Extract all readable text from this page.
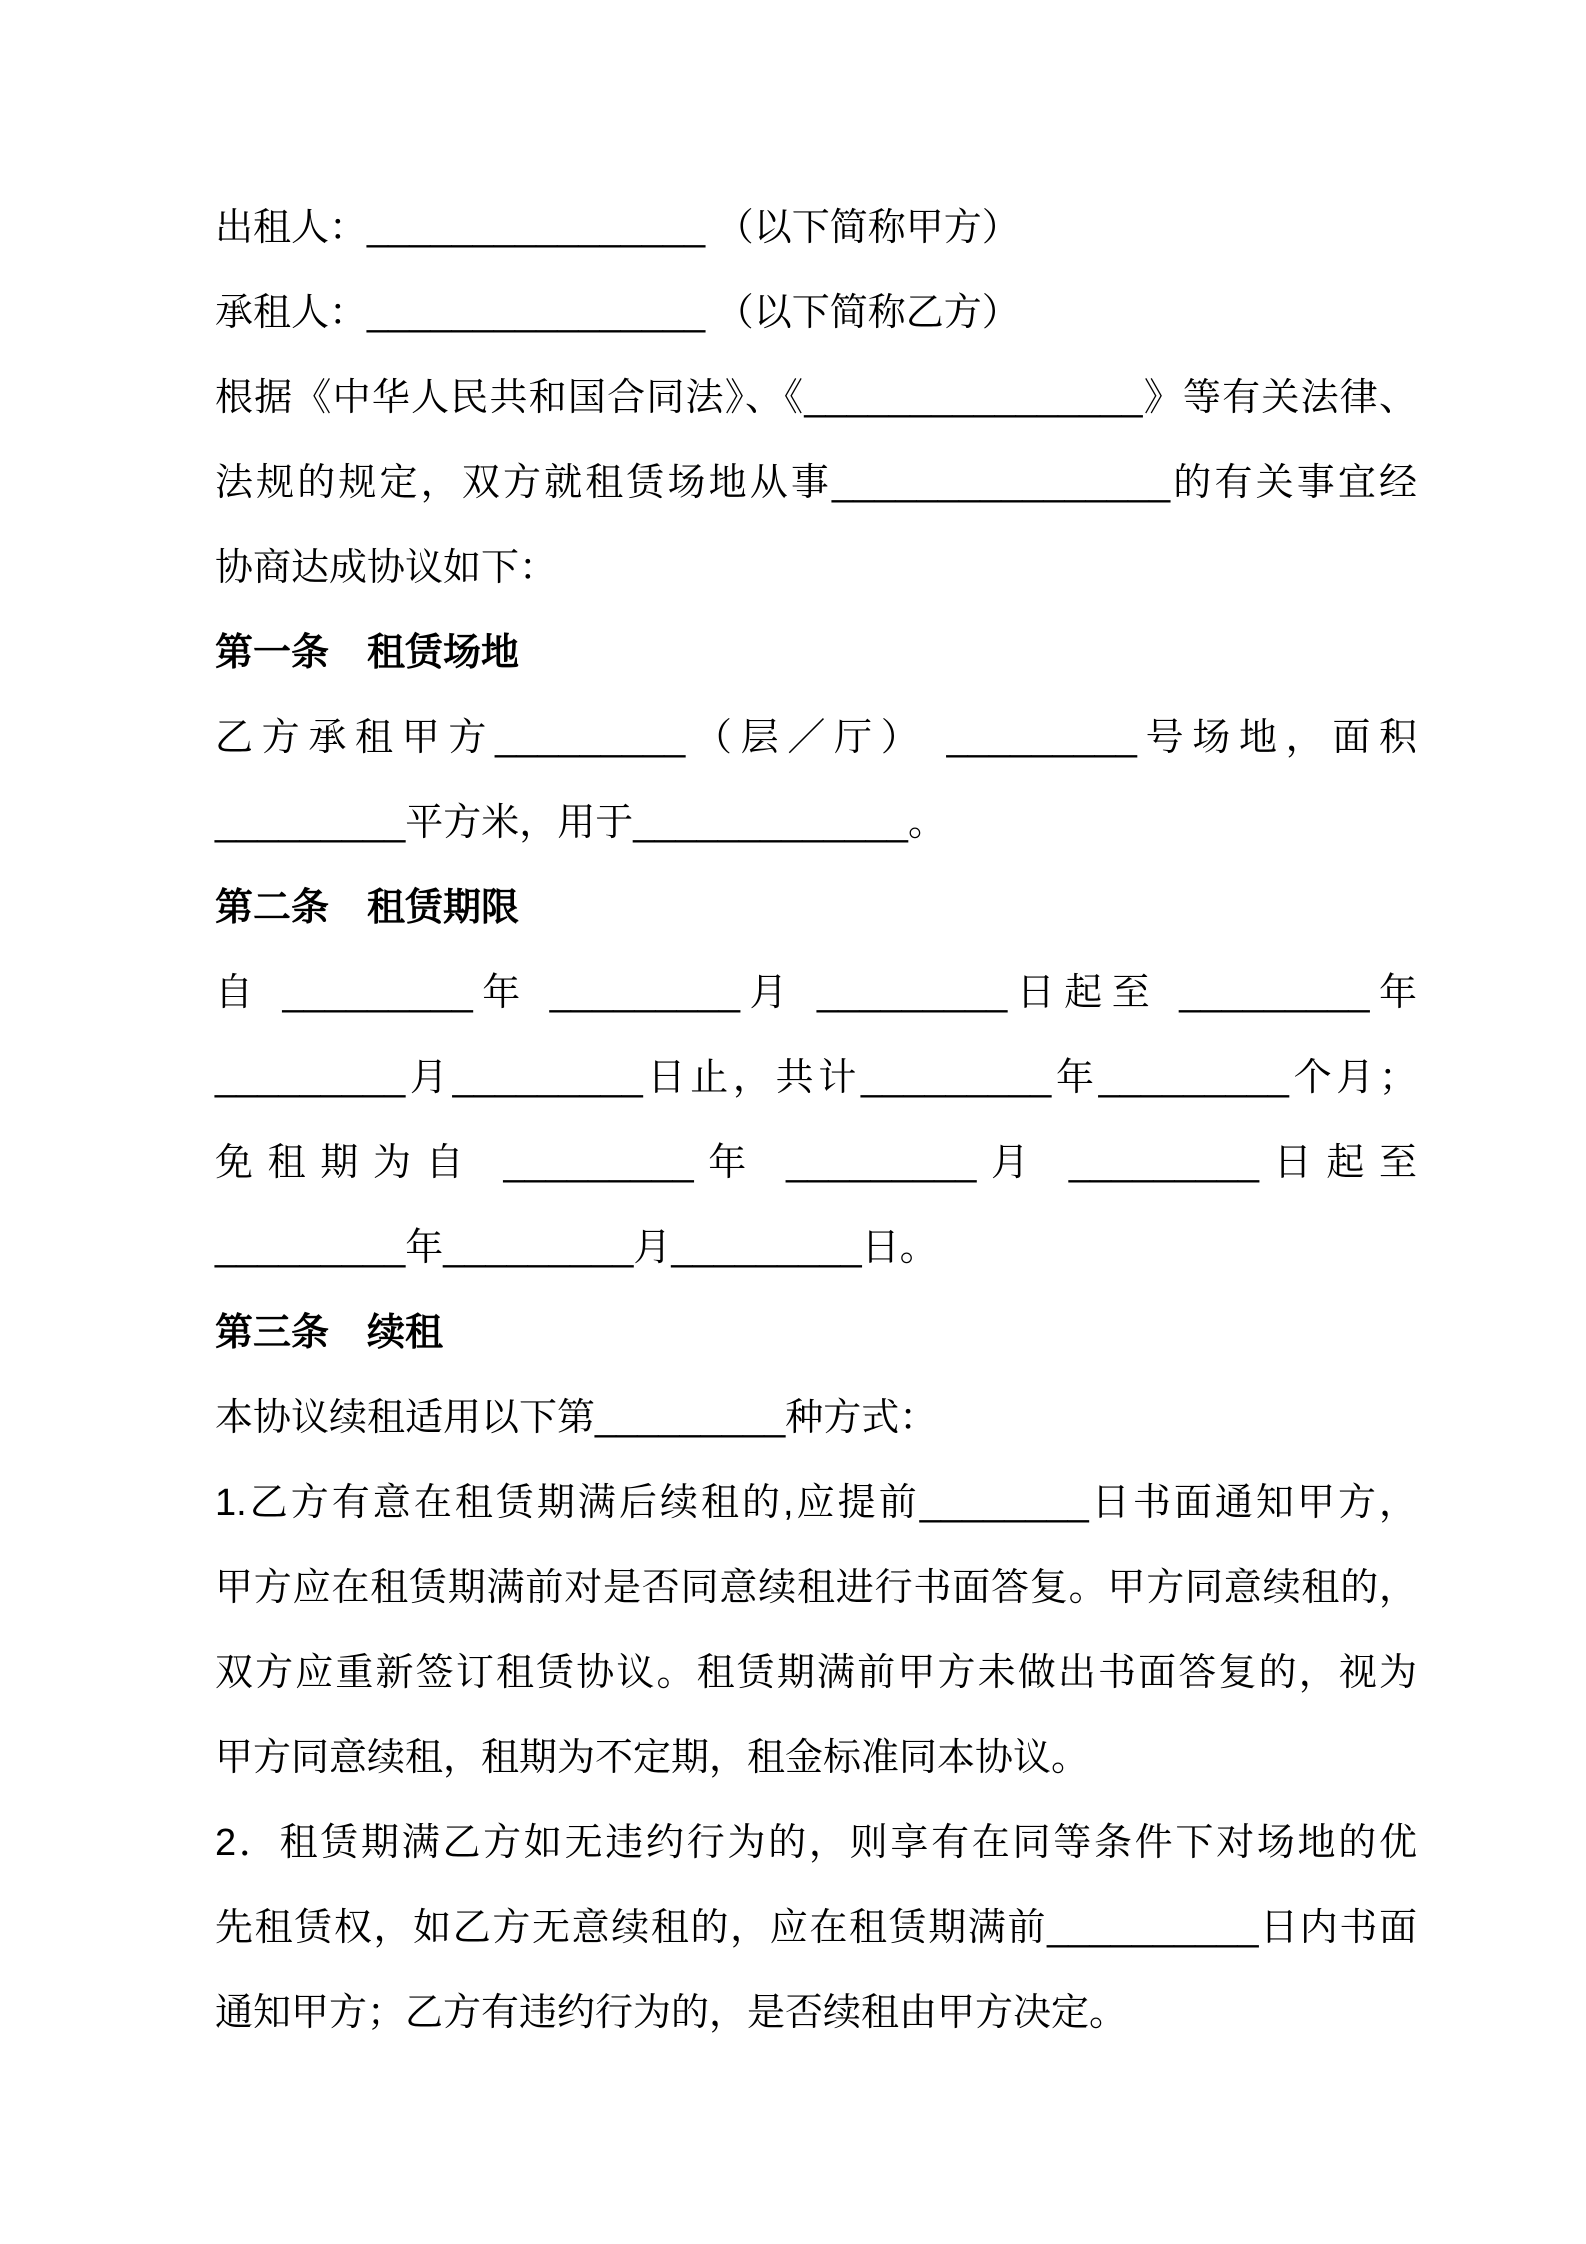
出租人：________________ （以下简称甲方）
承租人：________________ （以下简称乙方）
根据《中华人民共和国合同法》、《________________》等有关法律、
法规的规定，双方就租赁场地从事________________的有关事宜经
协商达成协议如下：
第一条　租赁场地
乙方承租甲方_________（层／厅） _________号场地，面积
_________平方米，用于_____________。
第二条　租赁期限
自 _________年 _________月 _________日起至 _________年
_________月_________日止，共计_________年_________个月；
免租期为自 _________年 _________月 _________日起至
_________年_________月_________日。
第三条　续租
本协议续租适用以下第_________种方式：
1.乙方有意在租赁期满后续租的,应提前________日书面通知甲方，
甲方应在租赁期满前对是否同意续租进行书面答复。甲方同意续租的，
双方应重新签订租赁协议。租赁期满前甲方未做出书面答复的，视为
甲方同意续租，租期为不定期，租金标准同本协议。
2．租赁期满乙方如无违约行为的，则享有在同等条件下对场地的优
先租赁权，如乙方无意续租的，应在租赁期满前__________日内书面
通知甲方；乙方有违约行为的，是否续租由甲方决定。
